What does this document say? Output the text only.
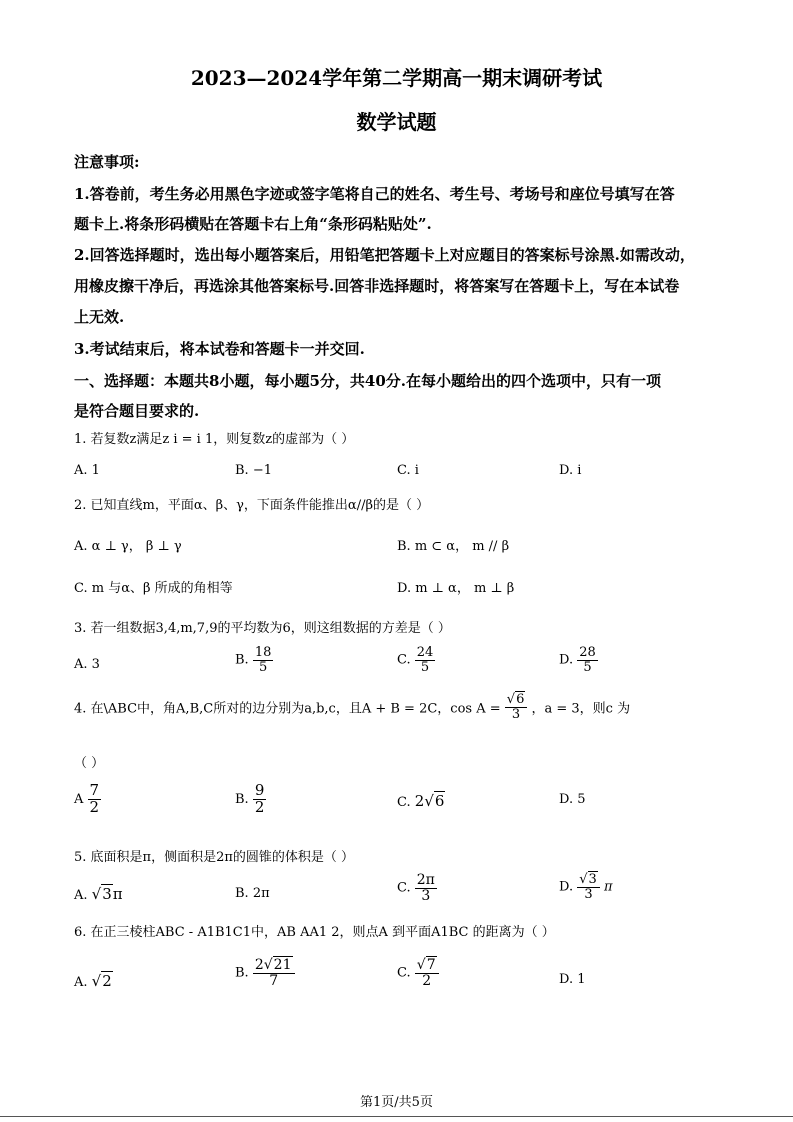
2023—2024学年第二学期高一期末调研考试
数学试题
注意事项:
1.答卷前，考生务必用黑色字迹或签字笔将自己的姓名、考生号、考场号和座位号填写在答
题卡上.将条形码横贴在答题卡右上角“条形码粘贴处”.
2.回答选择题时，选出每小题答案后，用铅笔把答题卡上对应题目的答案标号涂黑.如需改动，
用橡皮擦干净后，再选涂其他答案标号.回答非选择题时，将答案写在答题卡上，写在本试卷
上无效.
3.考试结束后，将本试卷和答题卡一并交回.
一、选择题：本题共8小题，每小题5分，共40分.在每小题给出的四个选项中，只有一项
是符合题目要求的.
1. 若复数z满足z i = i 1，则复数z的虚部为（ ）
A. 1	B. −1	C. i	D. i
2. 已知直线m，平面α、β、γ，下面条件能推出α//β的是（ ）
A. α ⊥ γ， β ⊥ γ	B. m ⊂ α， m // β
C. m 与α、β 所成的角相等	D. m ⊥ α， m ⊥ β
3. 若一组数据3,4,m,7,9的平均数为6，则这组数据的方差是（ ）
A. 3	B. $\frac{18}{5}$	C. $\frac{24}{5}$	D. $\frac{28}{5}$
4. 在\ABC中，角A,B,C所对的边分别为a,b,c，且A + B = 2C，$\cos A = \frac{√6}{3}$ ，a = 3，则c 为
（ ）
A $\frac{7}{2}$	B. $\frac{9}{2}$	C. 2√6	D. 5
5. 底面积是π，侧面积是2π的圆锥的体积是（ ）
A. √3π	B. 2π	C. $\frac{2\pi}{3}$	D. $\frac{√3}{3}$ π
6. 在正三棱柱ABC - A1B1C1中，AB AA1 2，则点A 到平面A1BC 的距离为（ ）
A. √2	B. $\frac{2√21}{7}$	C. $\frac{√7}{2}$	D. 1
第1页/共5页
